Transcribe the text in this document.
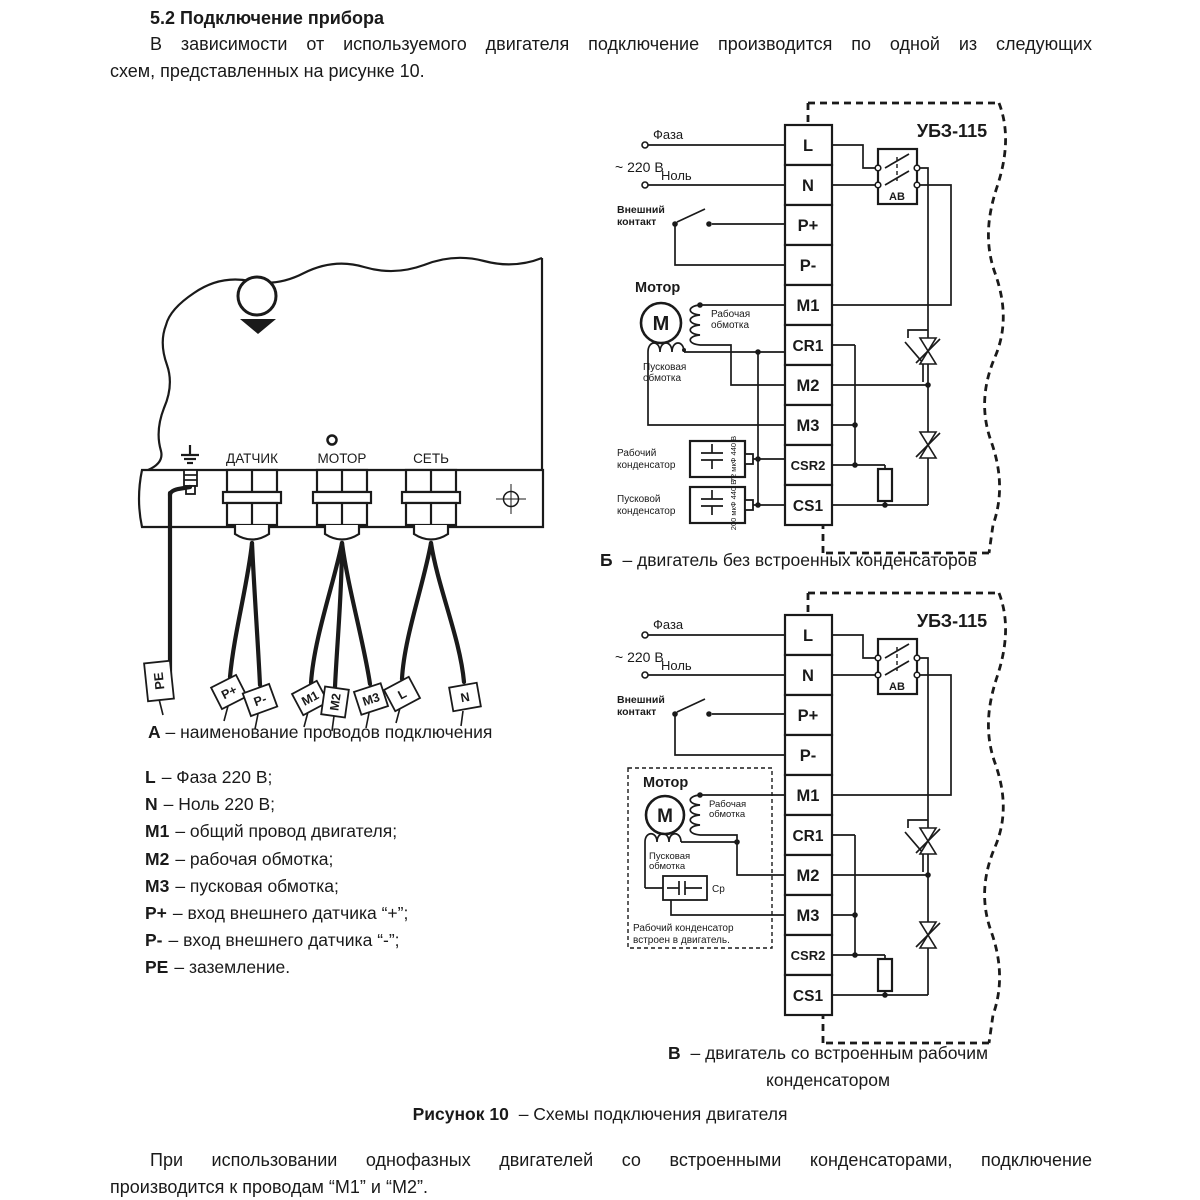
5.2 Подключение прибора
В зависимости от используемого двигателя подключение производится по одной из следующих
схем, представленных на рисунке 10.
ДАТЧИК	МОТОР	СЕТЬ
PE
P+ P- М1 М2 М3 L	N
А – наименование проводов подключения
L – Фаза 220 В;
N – Ноль 220 В;
M1 – общий провод двигателя;
M2 – рабочая обмотка;
M3 – пусковая обмотка;
P+ – вход внешнего датчика “+”;
P- – вход внешнего датчика “-”;
PE – заземление.
УБЗ-115
Фаза
~ 220 В
Ноль
Внешний
контакт
Мотор
М	Рабочая
обмотка
Пусковая
обмотка
72 мкФ 440 В
Рабочий
конденсатор
200 мкФ 440 В
Пусковой
конденсатор
АВ
L
N
P+
P-
M1
CR1
M2
M3
CSR2
CS1
Б – двигатель без встроенных конденсаторов
УБЗ-115
Фаза
~ 220 В
Ноль
Внешний
контакт
Мотор
М
Рабочая
обмотка
Пусковая
обмотка
Ср
Рабочий конденсатор
встроен в двигатель.
АВ
L
N
P+
P-
M1
CR1
M2
M3
CSR2
CS1
В – двигатель со встроенным рабочим
конденсатором
Рисунок 10 – Схемы подключения двигателя
При использовании однофазных двигателей со встроенными конденсаторами, подключение
производится к проводам “М1” и “М2”.
